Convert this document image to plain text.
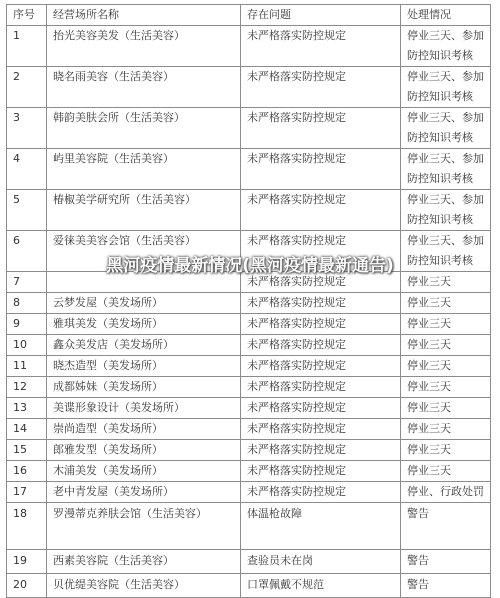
序号	经营场所名称	存在问题	处理情况
1	抬光美容美发（生活美容）	未严格落实防控规定	停业三天、参加防控知识考核
2	晓名雨美容（生活美容）	未严格落实防控规定	停业三天、参加防控知识考核
3	韩韵美肤会所（生活美容）	未严格落实防控规定	停业三天、参加防控知识考核
4	屿里美容院（生活美容）	未严格落实防控规定	停业三天、参加防控知识考核
5	椿椒美学研究所（生活美容）	未严格落实防控规定	停业三天、参加防控知识考核
6	爱徕美美容会馆（生活美容）	未严格落实防控规定	停业三天、参加防控知识考核
7		未严格落实防控规定	停业三天
8	云梦发屋（美发场所）	未严格落实防控规定	停业三天
9	雅琪美发（美发场所）	未严格落实防控规定	停业三天
10	鑫众美发店（美发场所）	未严格落实防控规定	停业三天
11	晓杰造型（美发场所）	未严格落实防控规定	停业三天
12	成都姊妹（美发场所）	未严格落实防控规定	停业三天
13	美谍形象设计（美发场所）	未严格落实防控规定	停业三天
14	崇尚造型（美发场所）	未严格落实防控规定	停业三天
15	郎雅发型（美发场所）	未严格落实防控规定	停业三天
16	木浦美发（美发场所）	未严格落实防控规定	停业三天
17	老中青发屋（美发场所）	未严格落实防控规定	停业、行政处罚
18	罗漫蒂克养肤会馆（生活美容）	体温枪故障	警告
19	西素美容院（生活美容）	查验员未在岗	警告
20	贝优缇美容院（生活美容）	口罩佩戴不规范	警告
黑河疫情最新情况(黑河疫情最新通告)
